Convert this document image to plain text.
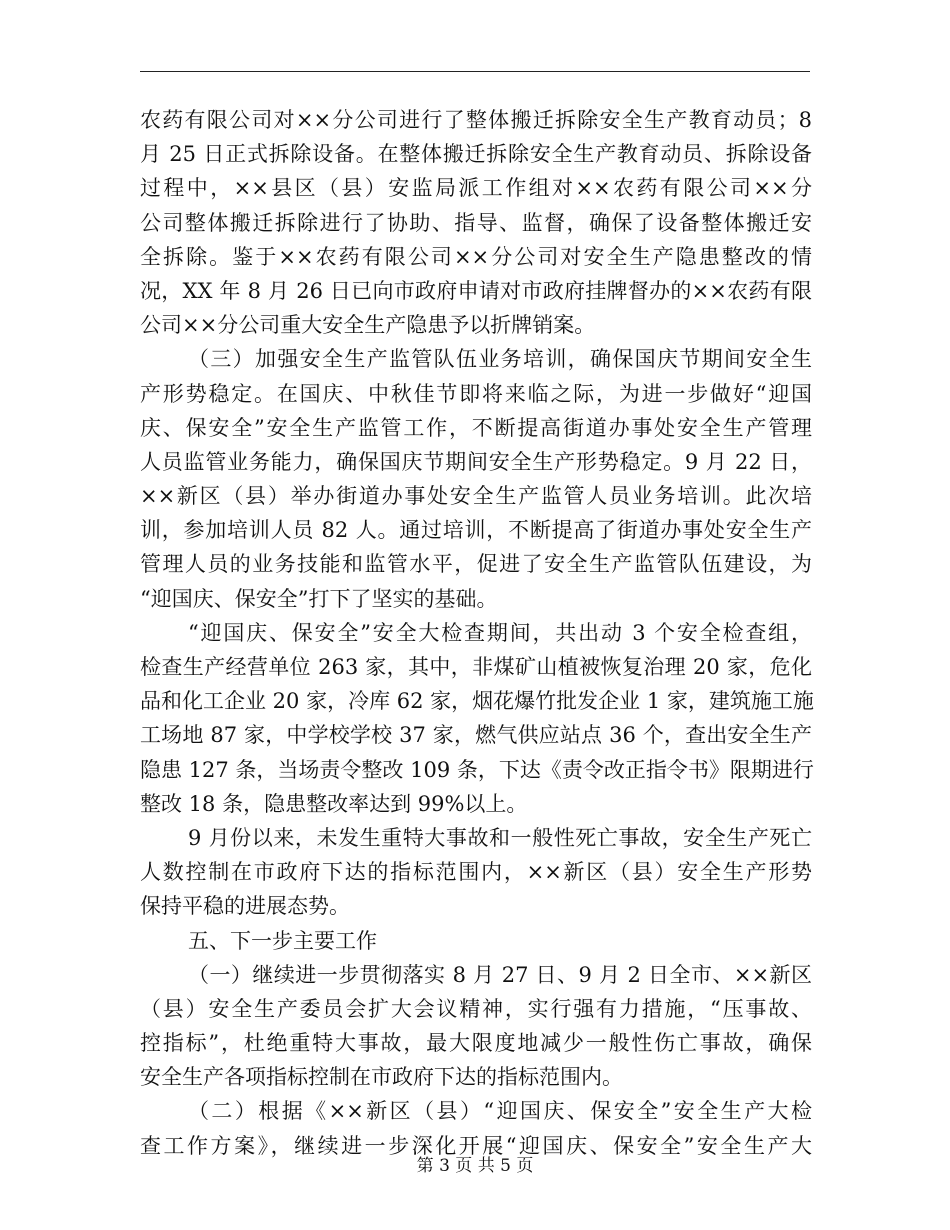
农药有限公司对××分公司进行了整体搬迁拆除安全生产教育动员；8
月 25 日正式拆除设备。在整体搬迁拆除安全生产教育动员、拆除设备
过程中，××县区（县）安监局派工作组对××农药有限公司××分
公司整体搬迁拆除进行了协助、指导、监督，确保了设备整体搬迁安
全拆除。鉴于××农药有限公司××分公司对安全生产隐患整改的情
况，XX 年 8 月 26 日已向市政府申请对市政府挂牌督办的××农药有限
公司××分公司重大安全生产隐患予以折牌销案。
（三）加强安全生产监管队伍业务培训，确保国庆节期间安全生
产形势稳定。在国庆、中秋佳节即将来临之际，为进一步做好“迎国
庆、保安全”安全生产监管工作，不断提高街道办事处安全生产管理
人员监管业务能力，确保国庆节期间安全生产形势稳定。9 月 22 日，
××新区（县）举办街道办事处安全生产监管人员业务培训。此次培
训，参加培训人员 82 人。通过培训，不断提高了街道办事处安全生产
管理人员的业务技能和监管水平，促进了安全生产监管队伍建设，为
“迎国庆、保安全”打下了坚实的基础。
“迎国庆、保安全”安全大检查期间，共出动 3 个安全检查组，
检查生产经营单位 263 家，其中，非煤矿山植被恢复治理 20 家，危化
品和化工企业 20 家，冷库 62 家，烟花爆竹批发企业 1 家，建筑施工施
工场地 87 家，中学校学校 37 家，燃气供应站点 36 个，查出安全生产
隐患 127 条，当场责令整改 109 条，下达《责令改正指令书》限期进行
整改 18 条，隐患整改率达到 99%以上。
9 月份以来，未发生重特大事故和一般性死亡事故，安全生产死亡
人数控制在市政府下达的指标范围内，××新区（县）安全生产形势
保持平稳的进展态势。
五、下一步主要工作
（一）继续进一步贯彻落实 8 月 27 日、9 月 2 日全市、××新区
（县）安全生产委员会扩大会议精神，实行强有力措施，“压事故、
控指标”，杜绝重特大事故，最大限度地减少一般性伤亡事故，确保
安全生产各项指标控制在市政府下达的指标范围内。
（二）根据《××新区（县）“迎国庆、保安全”安全生产大检
查工作方案》，继续进一步深化开展“迎国庆、保安全”安全生产大
第 3 页 共 5 页
